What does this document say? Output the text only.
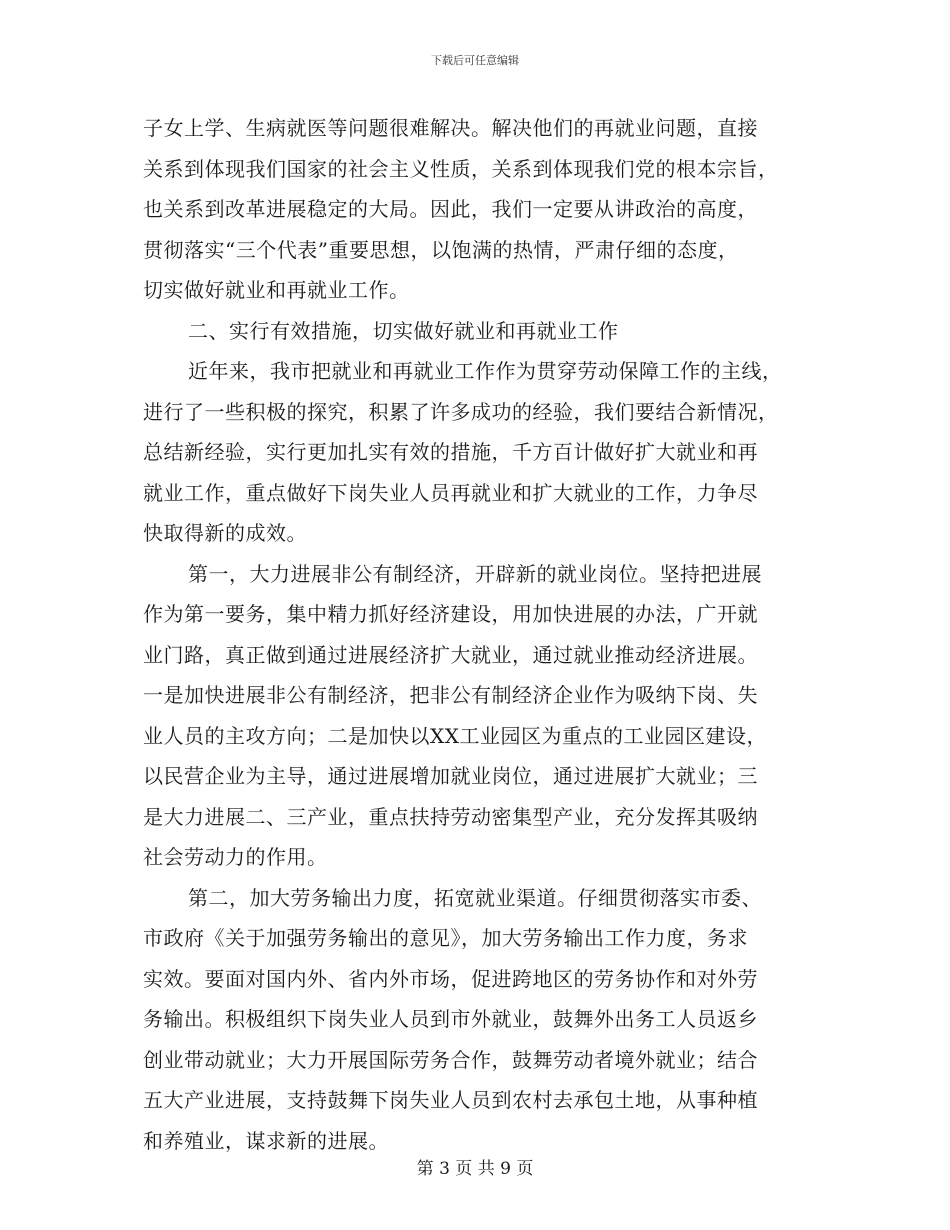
下载后可任意编辑
子女上学、生病就医等问题很难解决。解决他们的再就业问题，直接
关系到体现我们国家的社会主义性质，关系到体现我们党的根本宗旨，
也关系到改革进展稳定的大局。因此，我们一定要从讲政治的高度，
贯彻落实“三个代表”重要思想，以饱满的热情，严肃仔细的态度，
切实做好就业和再就业工作。
二、实行有效措施，切实做好就业和再就业工作
近年来，我市把就业和再就业工作作为贯穿劳动保障工作的主线，
进行了一些积极的探究，积累了许多成功的经验，我们要结合新情况，
总结新经验，实行更加扎实有效的措施，千方百计做好扩大就业和再
就业工作，重点做好下岗失业人员再就业和扩大就业的工作，力争尽
快取得新的成效。
第一，大力进展非公有制经济，开辟新的就业岗位。坚持把进展
作为第一要务，集中精力抓好经济建设，用加快进展的办法，广开就
业门路，真正做到通过进展经济扩大就业，通过就业推动经济进展。
一是加快进展非公有制经济，把非公有制经济企业作为吸纳下岗、失
业人员的主攻方向；二是加快以XX工业园区为重点的工业园区建设，
以民营企业为主导，通过进展增加就业岗位，通过进展扩大就业；三
是大力进展二、三产业，重点扶持劳动密集型产业，充分发挥其吸纳
社会劳动力的作用。
第二，加大劳务输出力度，拓宽就业渠道。仔细贯彻落实市委、
市政府《关于加强劳务输出的意见》，加大劳务输出工作力度，务求
实效。要面对国内外、省内外市场，促进跨地区的劳务协作和对外劳
务输出。积极组织下岗失业人员到市外就业，鼓舞外出务工人员返乡
创业带动就业；大力开展国际劳务合作，鼓舞劳动者境外就业；结合
五大产业进展，支持鼓舞下岗失业人员到农村去承包土地，从事种植
和养殖业，谋求新的进展。
第 3 页 共 9 页
